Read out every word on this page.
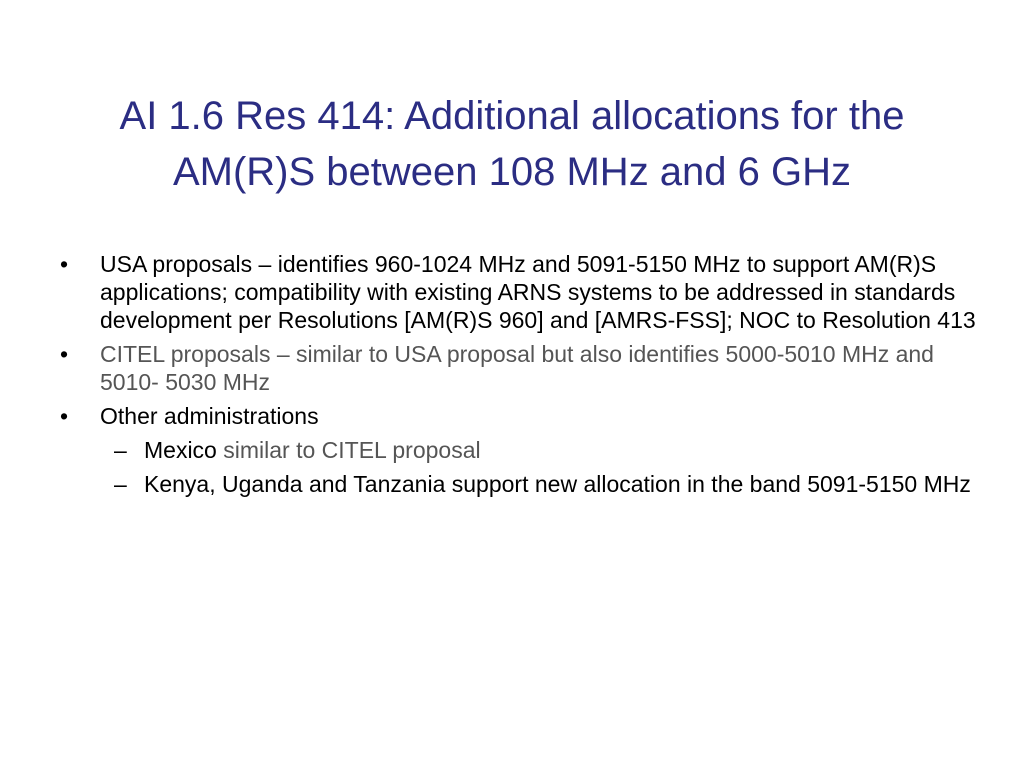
AI 1.6 Res 414: Additional allocations for the
AM(R)S between 108 MHz and 6 GHz
•	USA proposals – identifies 960-1024 MHz and 5091-5150 MHz to support AM(R)S applications; compatibility with existing ARNS systems to be addressed in standards development per Resolutions [AM(R)S 960] and [AMRS-FSS]; NOC to Resolution 413
•	CITEL proposals – similar to USA proposal but also identifies 5000-5010 MHz and 5010- 5030 MHz
•	Other administrations
– Mexico similar to CITEL proposal
– Kenya, Uganda and Tanzania support new allocation in the band 5091-5150 MHz
